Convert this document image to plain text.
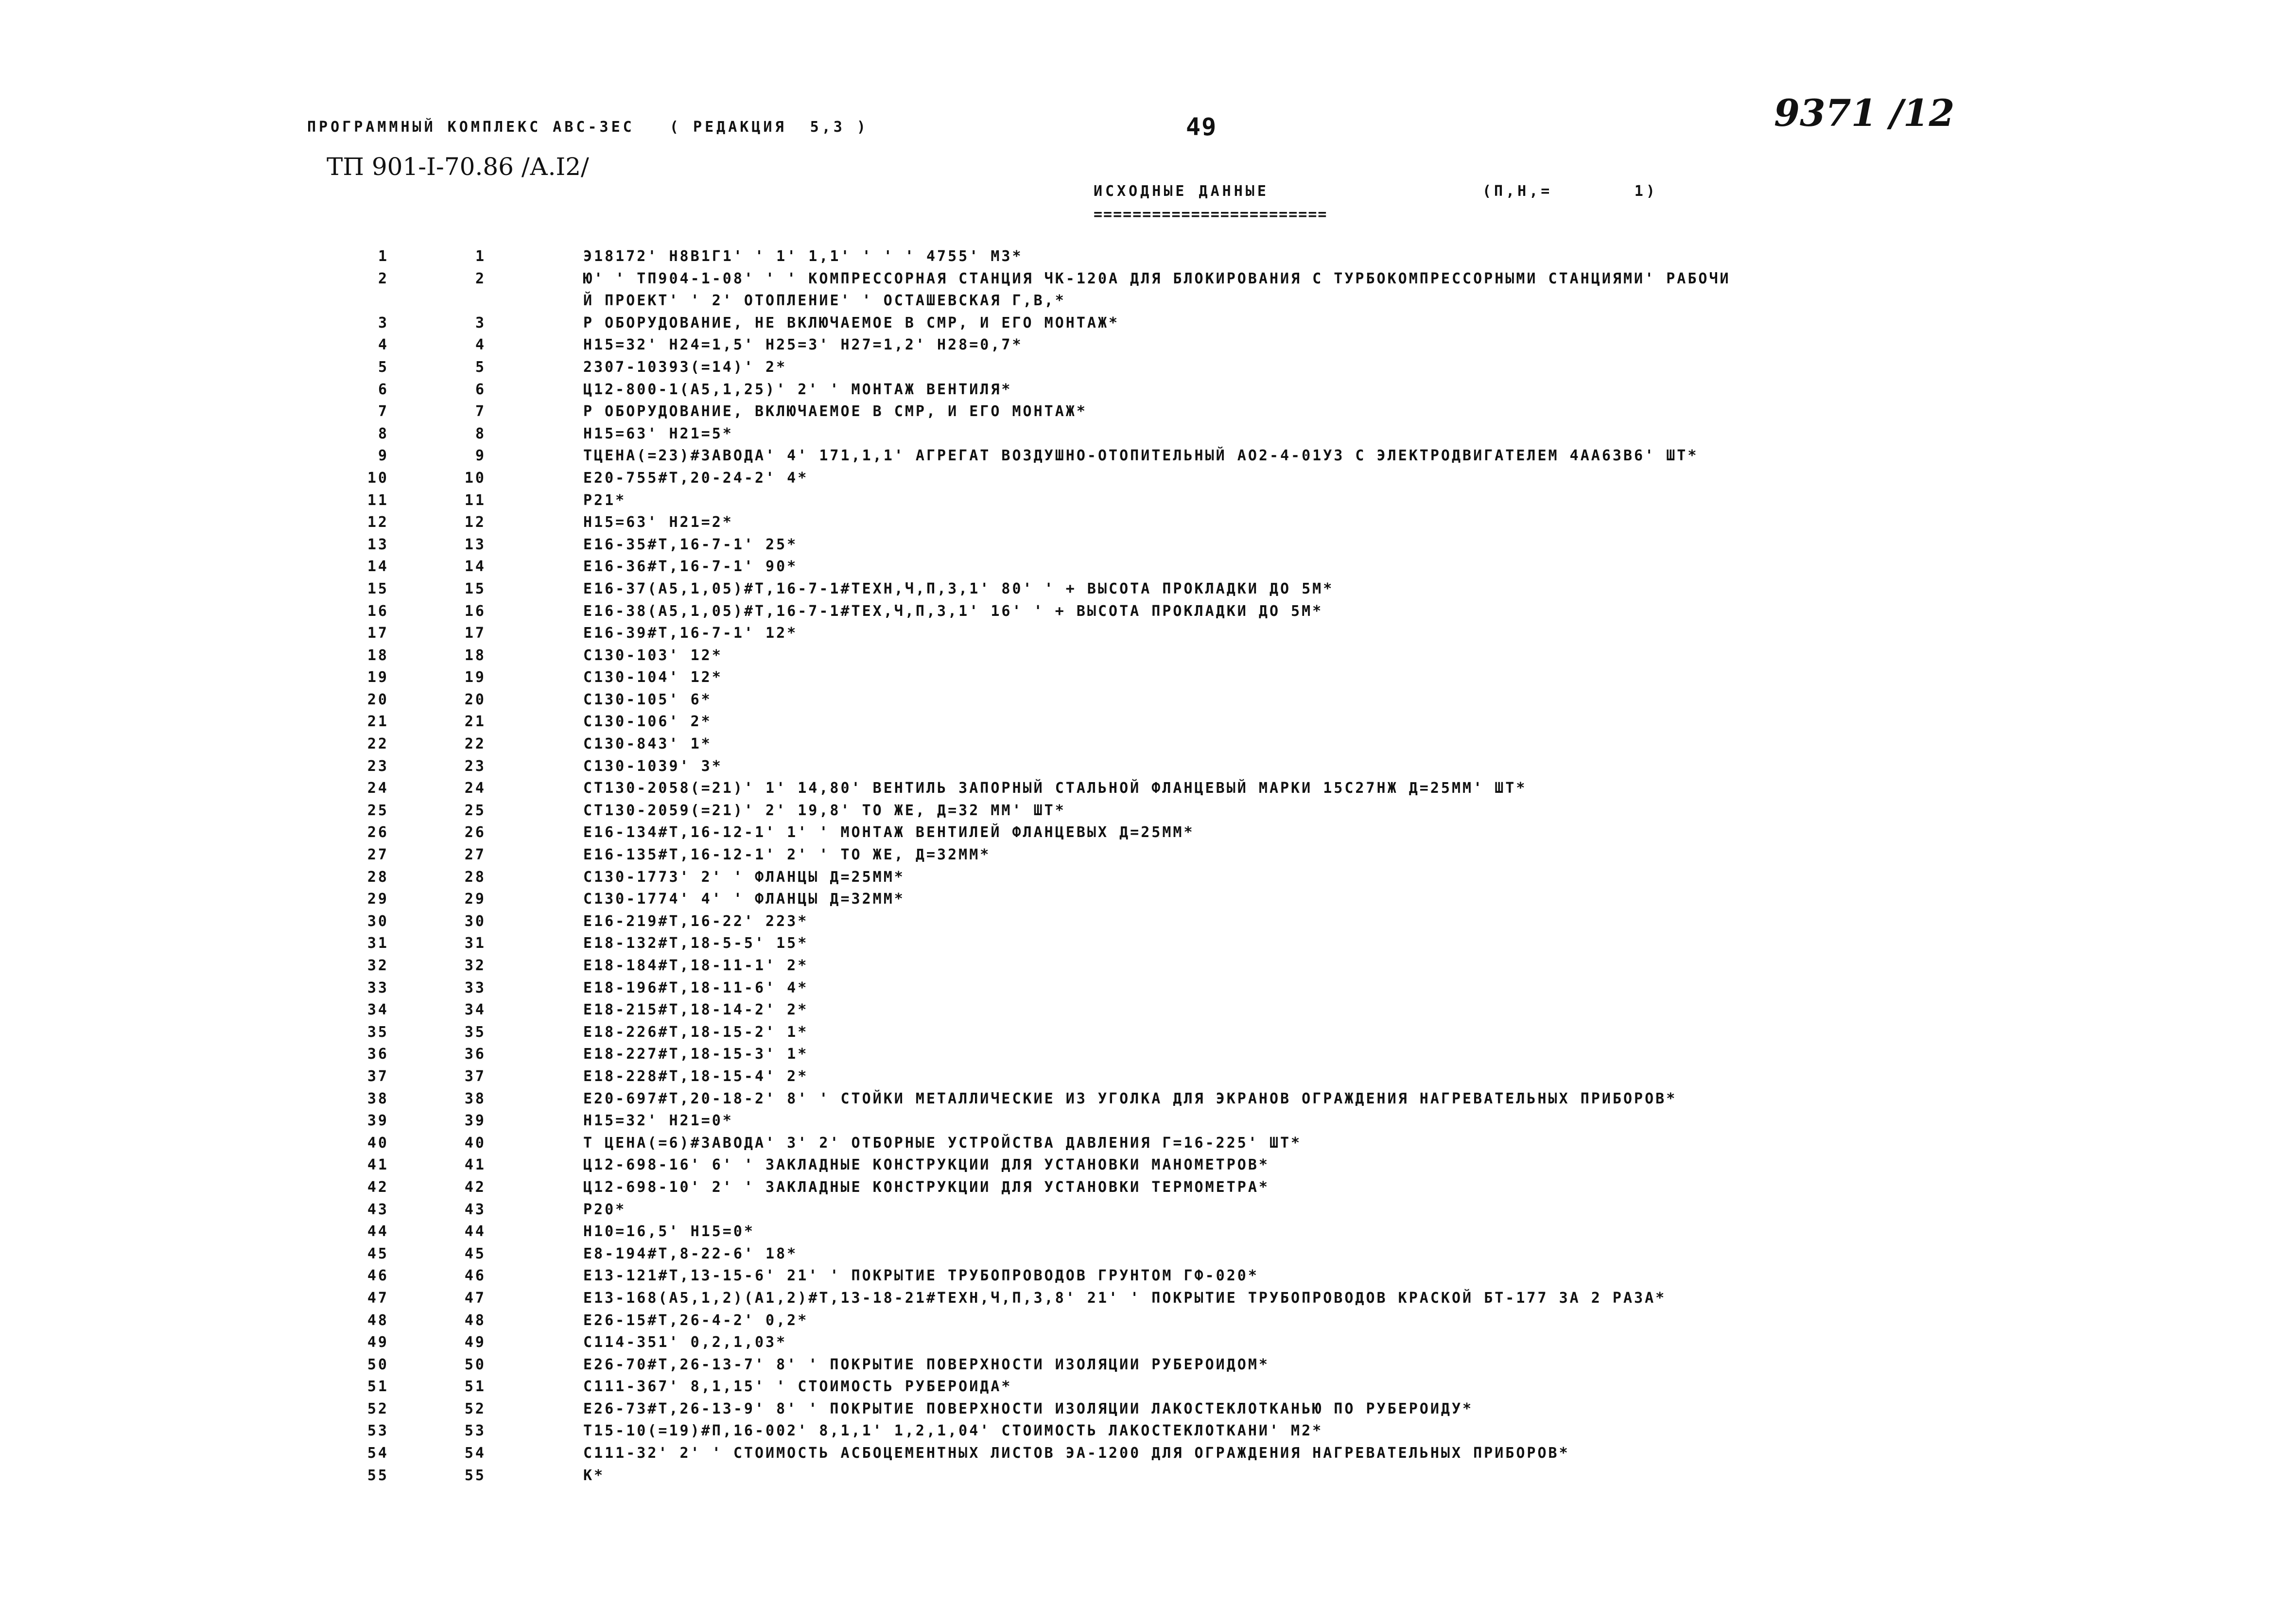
ПРОГРАММНЫЙ КОМПЛЕКС АВС-3ЕС   ( РЕДАКЦИЯ  5,3 )	49	9371 /12
ТП 901-I-70.86 /А.I2/
ИСХОДНЫЕ ДАННЫЕ	(П,Н,=       1)
========================
1	1	Э18172' Н8В1Г1' ' 1' 1,1' ' ' ' 4755' М3*
2	2	Ю' ' ТП904-1-08' ' ' КОМПРЕССОРНАЯ СТАНЦИЯ ЧК-120А ДЛЯ БЛОКИРОВАНИЯ С ТУРБОКОМПРЕССОРНЫМИ СТАНЦИЯМИ' РАБОЧИ
Й ПРОЕКТ' ' 2' ОТОПЛЕНИЕ' ' ОСТАШЕВСКАЯ Г,В,*
3	3	Р ОБОРУДОВАНИЕ, НЕ ВКЛЮЧАЕМОЕ В СМР, И ЕГО МОНТАЖ*
4	4	Н15=32' Н24=1,5' Н25=3' Н27=1,2' Н28=0,7*
5	5	2307-10393(=14)' 2*
6	6	Ц12-800-1(А5,1,25)' 2' ' МОНТАЖ ВЕНТИЛЯ*
7	7	Р ОБОРУДОВАНИЕ, ВКЛЮЧАЕМОЕ В СМР, И ЕГО МОНТАЖ*
8	8	Н15=63' Н21=5*
9	9	ТЦЕНА(=23)#ЗАВОДА' 4' 171,1,1' АГРЕГАТ ВОЗДУШНО-ОТОПИТЕЛЬНЫЙ АО2-4-01УЗ С ЭЛЕКТРОДВИГАТЕЛЕМ 4АА63В6' ШТ*
10	10	Е20-755#Т,20-24-2' 4*
11	11	Р21*
12	12	Н15=63' Н21=2*
13	13	Е16-35#Т,16-7-1' 25*
14	14	Е16-36#Т,16-7-1' 90*
15	15	Е16-37(А5,1,05)#Т,16-7-1#ТЕХН,Ч,П,3,1' 80' ' + ВЫСОТА ПРОКЛАДКИ ДО 5М*
16	16	Е16-38(А5,1,05)#Т,16-7-1#ТЕХ,Ч,П,3,1' 16' ' + ВЫСОТА ПРОКЛАДКИ ДО 5М*
17	17	Е16-39#Т,16-7-1' 12*
18	18	С130-103' 12*
19	19	С130-104' 12*
20	20	С130-105' 6*
21	21	С130-106' 2*
22	22	С130-843' 1*
23	23	С130-1039' 3*
24	24	СТ130-2058(=21)' 1' 14,80' ВЕНТИЛЬ ЗАПОРНЫЙ СТАЛЬНОЙ ФЛАНЦЕВЫЙ МАРКИ 15С27НЖ Д=25ММ' ШТ*
25	25	СТ130-2059(=21)' 2' 19,8' ТО ЖЕ, Д=32 ММ' ШТ*
26	26	Е16-134#Т,16-12-1' 1' ' МОНТАЖ ВЕНТИЛЕЙ ФЛАНЦЕВЫХ Д=25ММ*
27	27	Е16-135#Т,16-12-1' 2' ' ТО ЖЕ, Д=32ММ*
28	28	С130-1773' 2' ' ФЛАНЦЫ Д=25ММ*
29	29	С130-1774' 4' ' ФЛАНЦЫ Д=32ММ*
30	30	Е16-219#Т,16-22' 223*
31	31	Е18-132#Т,18-5-5' 15*
32	32	Е18-184#Т,18-11-1' 2*
33	33	Е18-196#Т,18-11-6' 4*
34	34	Е18-215#Т,18-14-2' 2*
35	35	Е18-226#Т,18-15-2' 1*
36	36	Е18-227#Т,18-15-3' 1*
37	37	Е18-228#Т,18-15-4' 2*
38	38	Е20-697#Т,20-18-2' 8' ' СТОЙКИ МЕТАЛЛИЧЕСКИЕ ИЗ УГОЛКА ДЛЯ ЭКРАНОВ ОГРАЖДЕНИЯ НАГРЕВАТЕЛЬНЫХ ПРИБОРОВ*
39	39	Н15=32' Н21=0*
40	40	Т ЦЕНА(=6)#ЗАВОДА' 3' 2' ОТБОРНЫЕ УСТРОЙСТВА ДАВЛЕНИЯ Г=16-225' ШТ*
41	41	Ц12-698-16' 6' ' ЗАКЛАДНЫЕ КОНСТРУКЦИИ ДЛЯ УСТАНОВКИ МАНОМЕТРОВ*
42	42	Ц12-698-10' 2' ' ЗАКЛАДНЫЕ КОНСТРУКЦИИ ДЛЯ УСТАНОВКИ ТЕРМОМЕТРА*
43	43	Р20*
44	44	Н10=16,5' Н15=0*
45	45	Е8-194#Т,8-22-6' 18*
46	46	Е13-121#Т,13-15-6' 21' ' ПОКРЫТИЕ ТРУБОПРОВОДОВ ГРУНТОМ ГФ-020*
47	47	Е13-168(А5,1,2)(А1,2)#Т,13-18-21#ТЕХН,Ч,П,3,8' 21' ' ПОКРЫТИЕ ТРУБОПРОВОДОВ КРАСКОЙ БТ-177 ЗА 2 РАЗА*
48	48	Е26-15#Т,26-4-2' 0,2*
49	49	С114-351' 0,2,1,03*
50	50	Е26-70#Т,26-13-7' 8' ' ПОКРЫТИЕ ПОВЕРХНОСТИ ИЗОЛЯЦИИ РУБЕРОИДОМ*
51	51	С111-367' 8,1,15' ' СТОИМОСТЬ РУБЕРОИДА*
52	52	Е26-73#Т,26-13-9' 8' ' ПОКРЫТИЕ ПОВЕРХНОСТИ ИЗОЛЯЦИИ ЛАКОСТЕКЛОТКАНЬЮ ПО РУБЕРОИДУ*
53	53	Т15-10(=19)#П,16-002' 8,1,1' 1,2,1,04' СТОИМОСТЬ ЛАКОСТЕКЛОТКАНИ' М2*
54	54	С111-32' 2' ' СТОИМОСТЬ АСБОЦЕМЕНТНЫХ ЛИСТОВ ЭА-1200 ДЛЯ ОГРАЖДЕНИЯ НАГРЕВАТЕЛЬНЫХ ПРИБОРОВ*
55	55	К*
